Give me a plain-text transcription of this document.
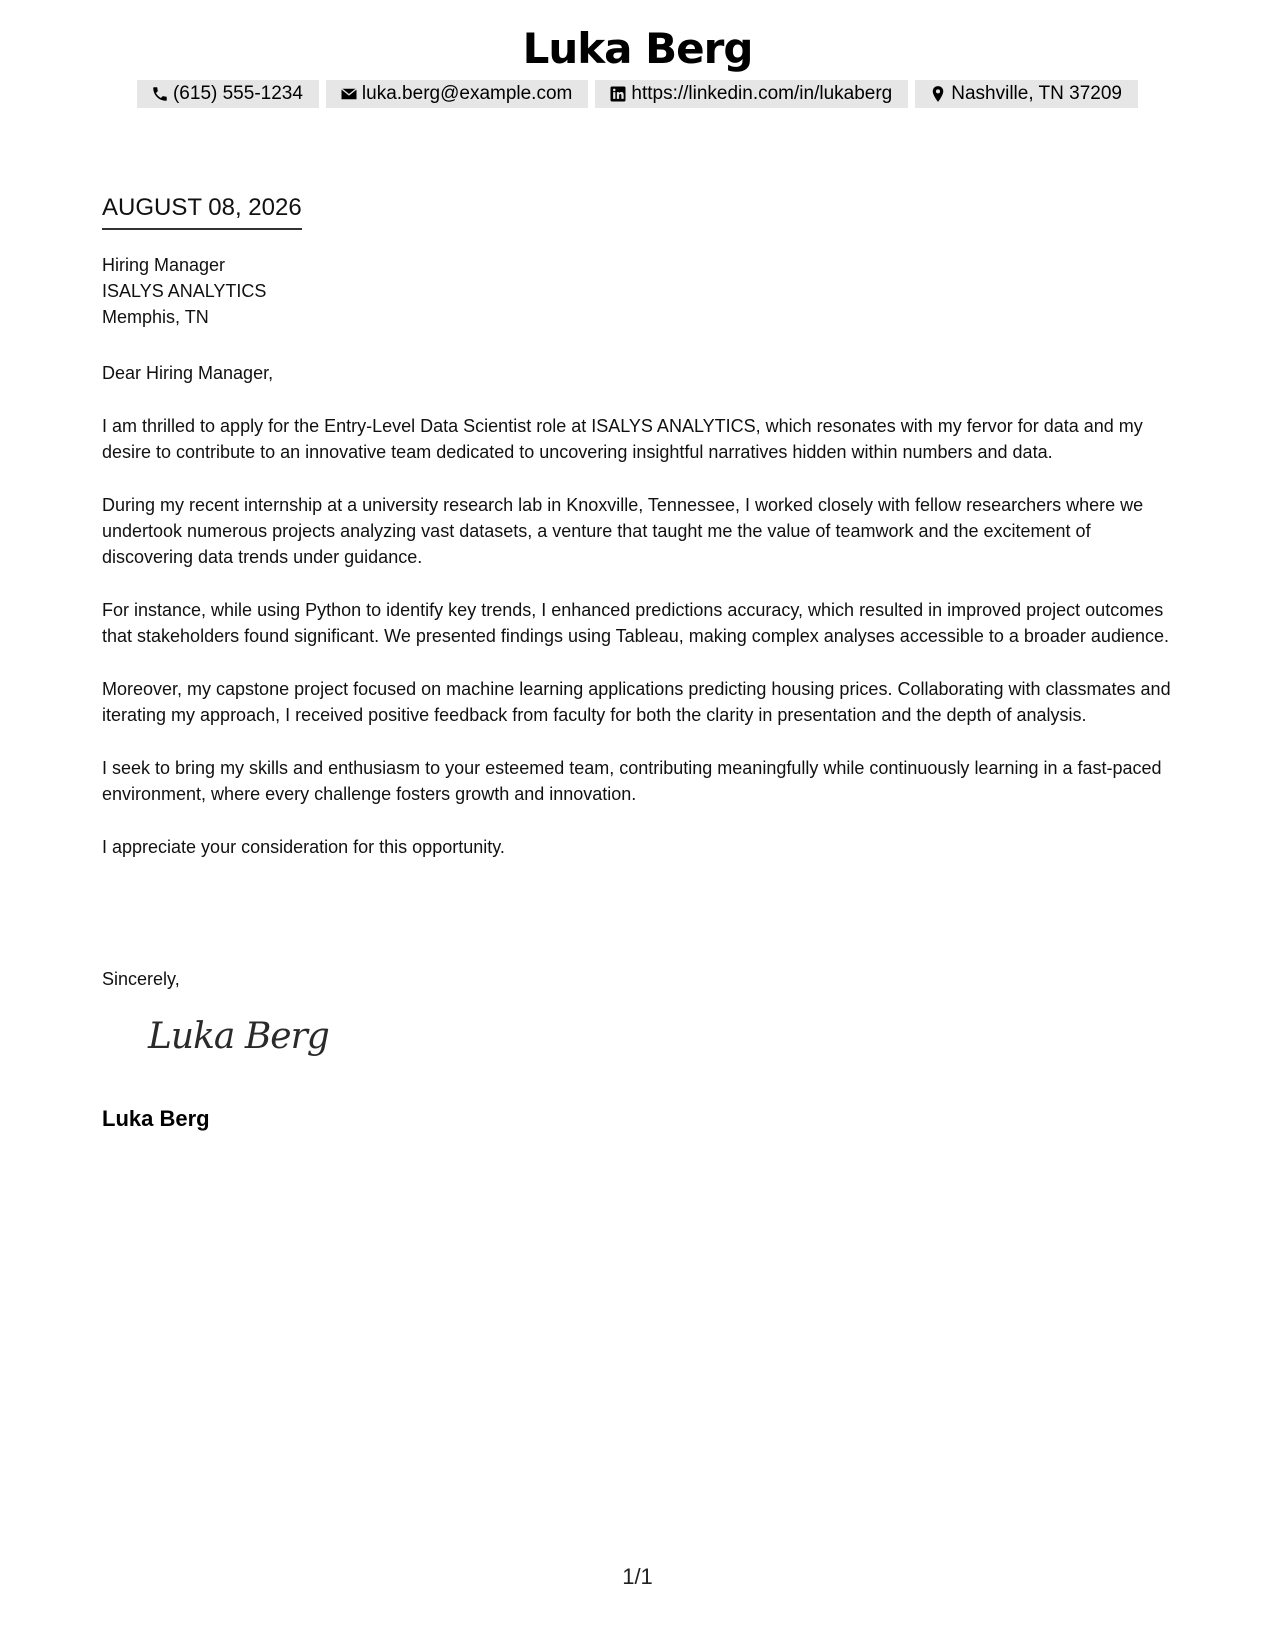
Luka Berg
(615) 555-1234	luka.berg@example.com	https://linkedin.com/in/lukaberg	Nashville, TN 37209
AUGUST 08, 2026
Hiring Manager
ISALYS ANALYTICS
Memphis, TN

Dear Hiring Manager,

I am thrilled to apply for the Entry-Level Data Scientist role at ISALYS ANALYTICS, which resonates with my fervor for data and my desire to contribute to an innovative team dedicated to uncovering insightful narratives hidden within numbers and data.

During my recent internship at a university research lab in Knoxville, Tennessee, I worked closely with fellow researchers where we undertook numerous projects analyzing vast datasets, a venture that taught me the value of teamwork and the excitement of discovering data trends under guidance.

For instance, while using Python to identify key trends, I enhanced predictions accuracy, which resulted in improved project outcomes that stakeholders found significant. We presented findings using Tableau, making complex analyses accessible to a broader audience.

Moreover, my capstone project focused on machine learning applications predicting housing prices. Collaborating with classmates and iterating my approach, I received positive feedback from faculty for both the clarity in presentation and the depth of analysis.

I seek to bring my skills and enthusiasm to your esteemed team, contributing meaningfully while continuously learning in a fast-paced environment, where every challenge fosters growth and innovation.

I appreciate your consideration for this opportunity.

Sincerely,
Luka Berg
Luka Berg
1/1
